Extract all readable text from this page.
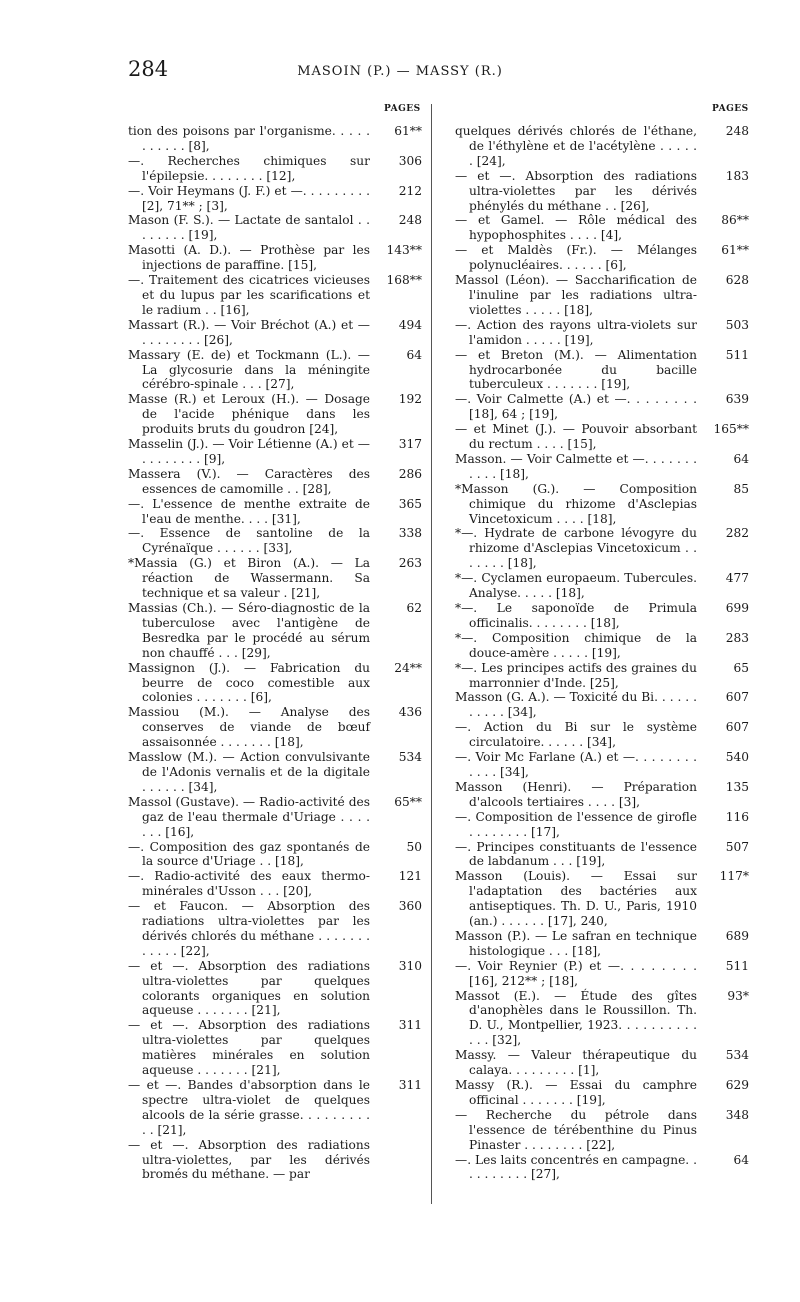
284	MASOIN (P.) — MASSY (R.)
PAGES	PAGES
tion des poisons par l'organisme. . . . . . . . . . . [8],
61**
—. Recherches chimiques sur l'épilepsie. . . . . . . . [12],
306
—. Voir Heymans (J. F.) et —. . . . . . . . . [2], 71** ; [3],
212
Mason (F. S.). — Lactate de santalol . . . . . . . . [19],
248
Masotti (A. D.). — Prothèse par les injections de paraffine. [15],
143**
—. Traitement des cicatrices vicieuses et du lupus par les scarifications et le radium . . [16],
168**
Massart (R.). — Voir Bréchot (A.) et — . . . . . . . . [26],
494
Massary (E. de) et Tockmann (L.). — La glycosurie dans la méningite cérébro-spinale . . . [27],
64
Masse (R.) et Leroux (H.). — Dosage de l'acide phénique dans les produits bruts du goudron [24],
192
Masselin (J.). — Voir Létienne (A.) et — . . . . . . . . [9],
317
Massera (V.). — Caractères des essences de camomille . . [28],
286
—. L'essence de menthe extraite de l'eau de menthe. . . . [31],
365
—. Essence de santoline de la Cyrénaïque . . . . . . [33],
338
*Massia (G.) et Biron (A.). — La réaction de Wassermann. Sa technique et sa valeur . [21],
263
Massias (Ch.). — Séro-diagnostic de la tuberculose avec l'antigène de Besredka par le procédé au sérum non chauffé . . . [29],
62
Massignon (J.). — Fabrication du beurre de coco comestible aux colonies . . . . . . . [6],
24**
Massiou (M.). — Analyse des conserves de viande de bœuf assaisonnée . . . . . . . [18],
436
Masslow (M.). — Action convulsivante de l'Adonis vernalis et de la digitale . . . . . . [34],
534
Massol (Gustave). — Radio-activité des gaz de l'eau thermale d'Uriage . . . . . . . [16],
65**
—. Composition des gaz spontanés de la source d'Uriage . . [18],
50
—. Radio-activité des eaux thermo-minérales d'Usson . . . [20],
121
— et Faucon. — Absorption des radiations ultra-violettes par les dérivés chlorés du méthane . . . . . . . . . . . . [22],
360
— et —. Absorption des radiations ultra-violettes par quelques colorants organiques en solution aqueuse . . . . . . . [21],
310
— et —. Absorption des radiations ultra-violettes par quelques matières minérales en solution aqueuse . . . . . . . [21],
311
— et —. Bandes d'absorption dans le spectre ultra-violet de quelques alcools de la série grasse. . . . . . . . . . . [21],
311
— et —. Absorption des radiations ultra-violettes, par les dérivés bromés du méthane. — par
quelques dérivés chlorés de l'éthane, de l'éthylène et de l'acétylène . . . . . . [24],
248
— et —. Absorption des radiations ultra-violettes par les dérivés phénylés du méthane . . [26],
183
— et Gamel. — Rôle médical des hypophosphites . . . . [4],
86**
— et Maldès (Fr.). — Mélanges polynucléaires. . . . . . [6],
61**
Massol (Léon). — Saccharification de l'inuline par les radiations ultra-violettes . . . . . [18],
628
—. Action des rayons ultra-violets sur l'amidon . . . . . [19],
503
— et Breton (M.). — Alimentation hydrocarbonée du bacille tuberculeux . . . . . . . [19],
511
—. Voir Calmette (A.) et —. . . . . . . . [18], 64 ; [19],
639
— et Minet (J.). — Pouvoir absorbant du rectum . . . . [15],
165**
Masson. — Voir Calmette et —. . . . . . . . . . . [18],
64
*Masson (G.). — Composition chimique du rhizome d'Asclepias Vincetoxicum . . . . [18],
85
*—. Hydrate de carbone lévogyre du rhizome d'Asclepias Vincetoxicum . . . . . . . [18],
282
*—. Cyclamen europaeum. Tubercules. Analyse. . . . . [18],
477
*—. Le saponoïde de Primula officinalis. . . . . . . . [18],
699
*—. Composition chimique de la douce-amère . . . . . [19],
283
*—. Les principes actifs des graines du marronnier d'Inde. [25],
65
Masson (G. A.). — Toxicité du Bi. . . . . . . . . . . [34],
607
—. Action du Bi sur le système circulatoire. . . . . . [34],
607
—. Voir Mc Farlane (A.) et —. . . . . . . . . . . . [34],
540
Masson (Henri). — Préparation d'alcools tertiaires . . . . [3],
135
—. Composition de l'essence de girofle . . . . . . . . [17],
116
—. Principes constituants de l'essence de labdanum . . . [19],
507
Masson (Louis). — Essai sur l'adaptation des bactéries aux antiseptiques. Th. D. U., Paris, 1910 (an.) . . . . . . [17], 240,
117*
Masson (P.). — Le safran en technique histologique . . . [18],
689
—. Voir Reynier (P.) et —. . . . . . . . [16], 212** ; [18],
511
Massot (E.). — Étude des gîtes d'anophèles dans le Roussillon. Th. D. U., Montpellier, 1923. . . . . . . . . . . . . [32],
93*
Massy. — Valeur thérapeutique du calaya. . . . . . . . . [1],
534
Massy (R.). — Essai du camphre officinal . . . . . . . [19],
629
— Recherche du pétrole dans l'essence de térébenthine du Pinus Pinaster . . . . . . . . [22],
348
—. Les laits concentrés en campagne. . . . . . . . . . [27],
64
